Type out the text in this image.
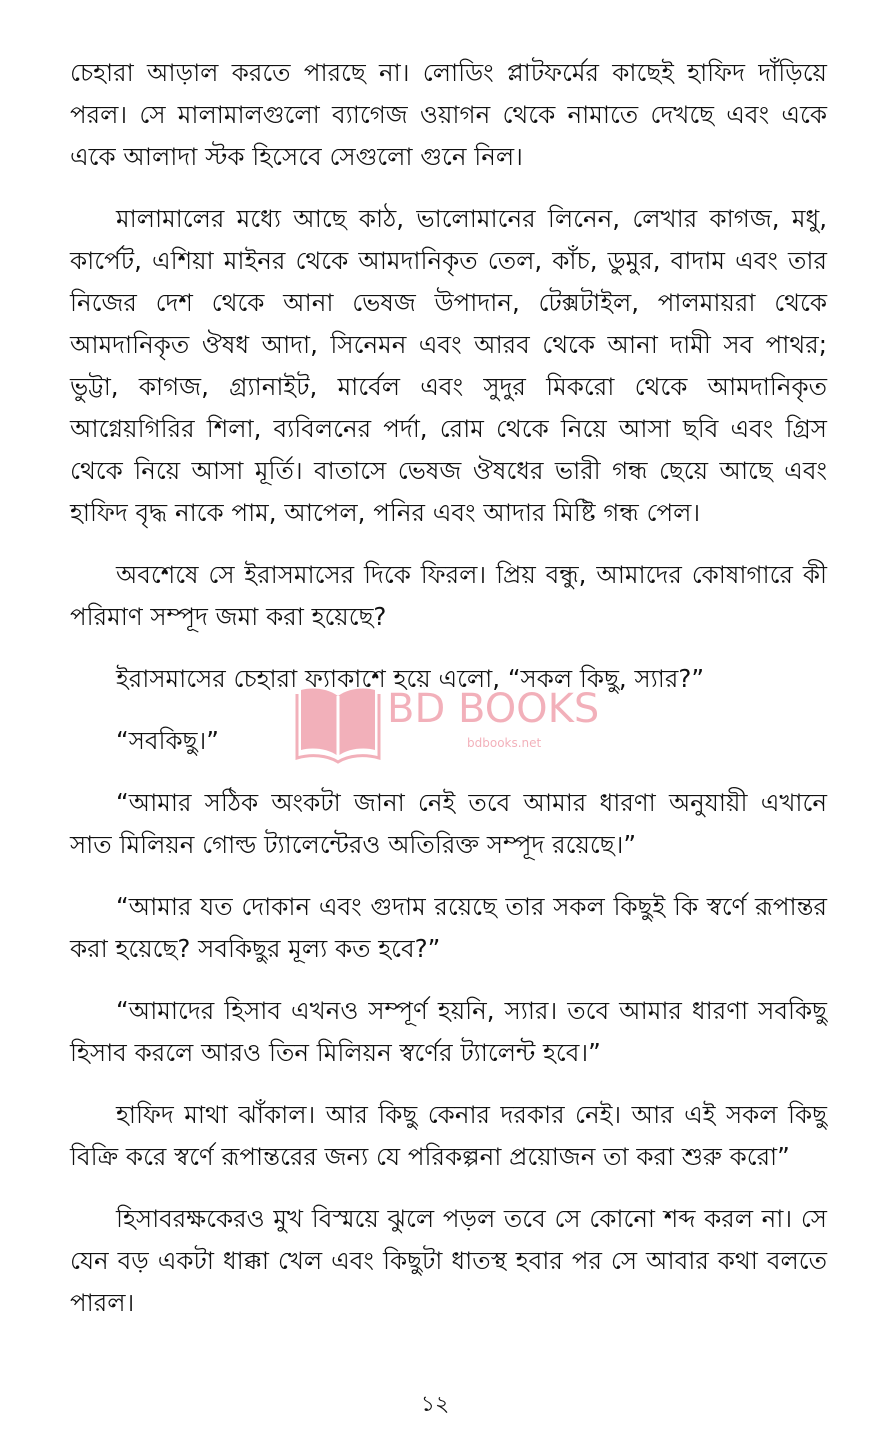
চেহারা আড়াল করতে পারছে না। লোডিং প্লাটফর্মের কাছেই হাফিদ দাঁড়িয়ে পরল। সে মালামালগুলো ব্যাগেজ ওয়াগন থেকে নামাতে দেখছে এবং একে একে আলাদা স্টক হিসেবে সেগুলো গুনে নিল।

মালামালের মধ্যে আছে কাঠ, ভালোমানের লিনেন, লেখার কাগজ, মধু, কার্পেট, এশিয়া মাইনর থেকে আমদানিকৃত তেল, কাঁচ, ডুমুর, বাদাম এবং তার নিজের দেশ থেকে আনা ভেষজ উপাদান, টেক্সটাইল, পালমায়রা থেকে আমদানিকৃত ঔষধ আদা, সিনেমন এবং আরব থেকে আনা দামী সব পাথর; ভুট্টা, কাগজ, গ্র্যানাইট, মার্বেল এবং সুদুর মিকরো থেকে আমদানিকৃত আগ্নেয়গিরির শিলা, ব্যবিলনের পর্দা, রোম থেকে নিয়ে আসা ছবি এবং গ্রিস থেকে নিয়ে আসা মূর্তি। বাতাসে ভেষজ ঔষধের ভারী গন্ধ ছেয়ে আছে এবং হাফিদ বৃদ্ধ নাকে পাম, আপেল, পনির এবং আদার মিষ্টি গন্ধ পেল।

অবশেষে সে ইরাসমাসের দিকে ফিরল। প্রিয় বন্ধু, আমাদের কোষাগারে কী পরিমাণ সম্পূদ জমা করা হয়েছে?

ইরাসমাসের চেহারা ফ্যাকাশে হয়ে এলো, “সকল কিছু, স্যার?”

“সবকিছু।”

“আমার সঠিক অংকটা জানা নেই তবে আমার ধারণা অনুযায়ী এখানে সাত মিলিয়ন গোল্ড ট্যালেন্টেরও অতিরিক্ত সম্পূদ রয়েছে।”

“আমার যত দোকান এবং গুদাম রয়েছে তার সকল কিছুই কি স্বর্ণে রূপান্তর করা হয়েছে? সবকিছুর মূল্য কত হবে?”

“আমাদের হিসাব এখনও সম্পূর্ণ হয়নি, স্যার। তবে আমার ধারণা সবকিছু হিসাব করলে আরও তিন মিলিয়ন স্বর্ণের ট্যালেন্ট হবে।”

হাফিদ মাথা ঝাঁকাল। আর কিছু কেনার দরকার নেই। আর এই সকল কিছু বিক্রি করে স্বর্ণে রূপান্তরের জন্য যে পরিকল্পনা প্রয়োজন তা করা শুরু করো”

হিসাবরক্ষকেরও মুখ বিস্ময়ে ঝুলে পড়ল তবে সে কোনো শব্দ করল না। সে যেন বড় একটা ধাক্কা খেল এবং কিছুটা ধাতস্থ হবার পর সে আবার কথা বলতে পারল।

BD BOOKS
bdbooks.net
১২
